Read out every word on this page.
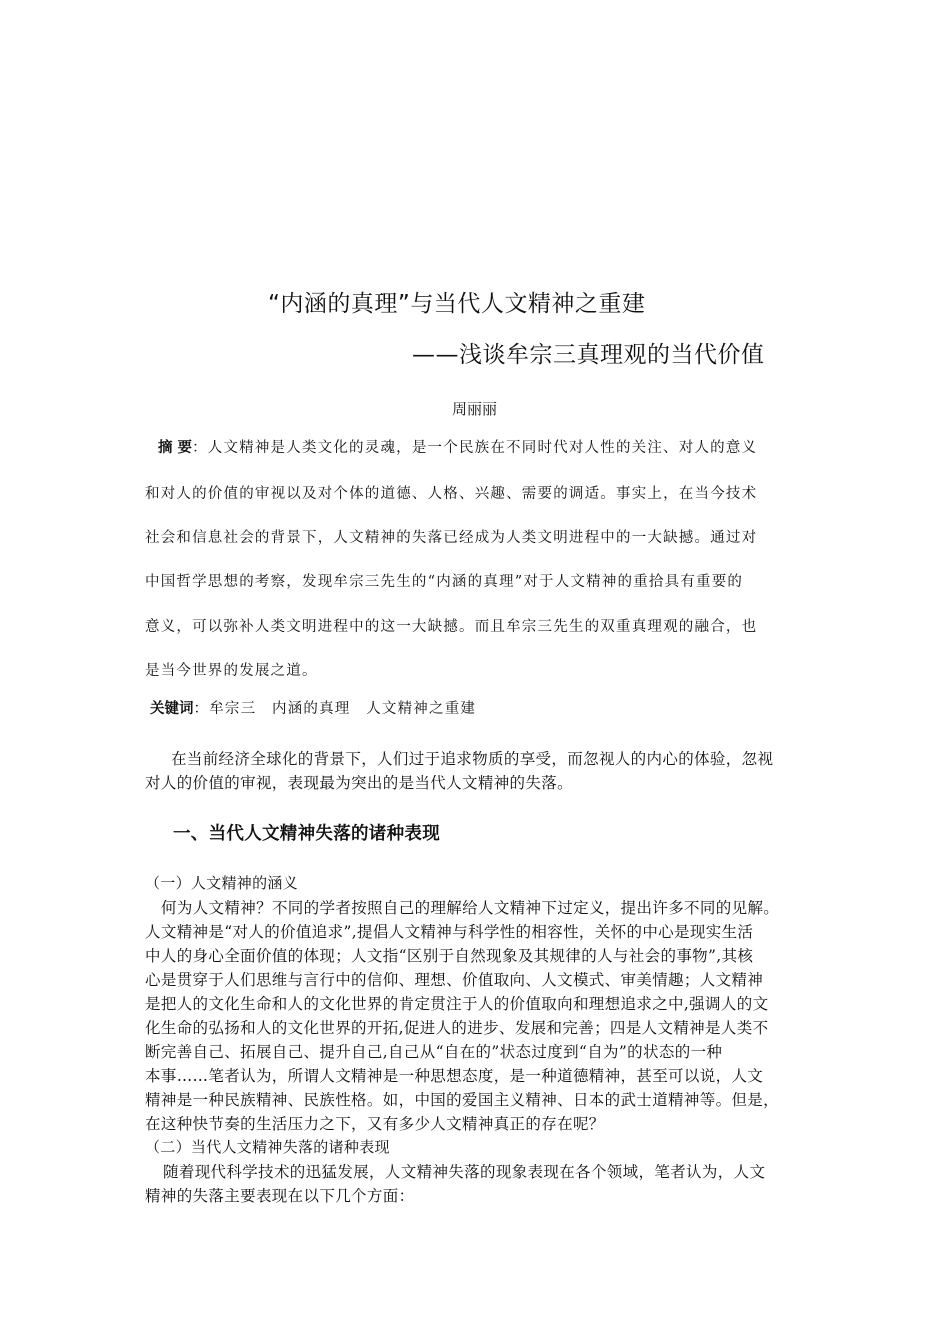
“内涵的真理”与当代人文精神之重建
——浅谈牟宗三真理观的当代价值
周丽丽
摘 要：人文精神是人类文化的灵魂，是一个民族在不同时代对人性的关注、对人的意义
和对人的价值的审视以及对个体的道德、人格、兴趣、需要的调适。事实上，在当今技术
社会和信息社会的背景下，人文精神的失落已经成为人类文明进程中的一大缺撼。通过对
中国哲学思想的考察，发现牟宗三先生的“内涵的真理”对于人文精神的重拾具有重要的
意义，可以弥补人类文明进程中的这一大缺撼。而且牟宗三先生的双重真理观的融合，也
是当今世界的发展之道。
关键词：牟宗三　内涵的真理　人文精神之重建
在当前经济全球化的背景下，人们过于追求物质的享受，而忽视人的内心的体验，忽视
对人的价值的审视，表现最为突出的是当代人文精神的失落。
一、当代人文精神失落的诸种表现
（一）人文精神的涵义
何为人文精神？不同的学者按照自己的理解给人文精神下过定义，提出许多不同的见解。
人文精神是“对人的价值追求”,提倡人文精神与科学性的相容性，关怀的中心是现实生活
中人的身心全面价值的体现；人文指“区别于自然现象及其规律的人与社会的事物”,其核
心是贯穿于人们思维与言行中的信仰、理想、价值取向、人文模式、审美情趣；人文精神
是把人的文化生命和人的文化世界的肯定贯注于人的价值取向和理想追求之中,强调人的文
化生命的弘扬和人的文化世界的开拓,促进人的进步、发展和完善；四是人文精神是人类不
断完善自己、拓展自己、提升自己,自己从“自在的”状态过度到“自为”的状态的一种
本事……笔者认为，所谓人文精神是一种思想态度，是一种道德精神，甚至可以说，人文
精神是一种民族精神、民族性格。如，中国的爱国主义精神、日本的武士道精神等。但是，
在这种快节奏的生活压力之下，又有多少人文精神真正的存在呢？
（二）当代人文精神失落的诸种表现
随着现代科学技术的迅猛发展，人文精神失落的现象表现在各个领域，笔者认为，人文
精神的失落主要表现在以下几个方面：
